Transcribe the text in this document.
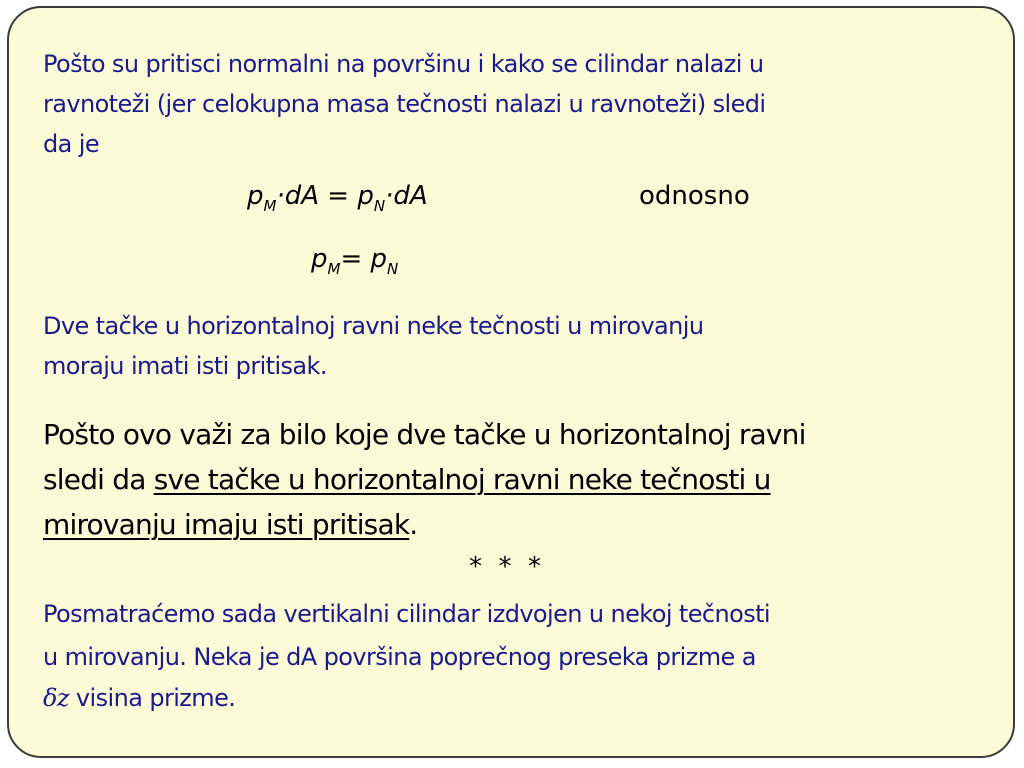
Pošto su pritisci normalni na površinu i kako se cilindar nalazi u

ravnoteži (jer celokupna masa tečnosti nalazi u ravnoteži) sledi

da je

$p_M\cdot dA = p_N\cdot dA$	odnosno

$p_M= p_N$

Dve tačke u horizontalnoj ravni neke tečnosti u mirovanju

moraju imati isti pritisak.

Pošto ovo važi za bilo koje dve tačke u horizontalnoj ravni

sledi da sve tačke u horizontalnoj ravni neke tečnosti u

mirovanju imaju isti pritisak.

*  *  *

Posmatraćemo sada vertikalni cilindar izdvojen u nekoj tečnosti

u mirovanju. Neka je dA površina poprečnog preseka prizme a

δz visina prizme.
